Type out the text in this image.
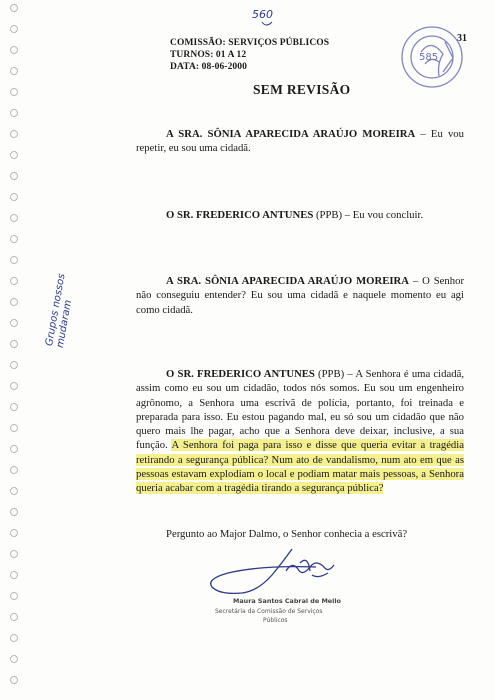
560
COMISSÃO: SERVIÇOS PÚBLICOS
TURNOS: 01 A 12
DATA: 08-06-2000
31
585
SEM REVISÃO
A SRA. SÔNIA APARECIDA ARAÚJO MOREIRA – Eu vou repetir, eu sou uma cidadã.
O SR. FREDERICO ANTUNES (PPB) – Eu vou concluir.
A SRA. SÔNIA APARECIDA ARAÚJO MOREIRA – O Senhor não conseguiu entender? Eu sou uma cidadã e naquele momento eu agi como cidadã.
O SR. FREDERICO ANTUNES (PPB) – A Senhora é uma cidadã, assim como eu sou um cidadão, todos nós somos. Eu sou um engenheiro agrônomo, a Senhora uma escrivã de polícia, portanto, foi treinada e preparada para isso. Eu estou pagando mal, eu só sou um cidadão que não quero mais lhe pagar, acho que a Senhora deve deixar, inclusive, a sua função. A Senhora foi paga para isso e disse que queria evitar a tragédia retirando a segurança pública? Num ato de vandalismo, num ato em que as pessoas estavam explodiam o local e podiam matar mais pessoas, a Senhora queria acabar com a tragédia tirando a segurança pública?
Pergunto ao Major Dalmo, o Senhor conhecia a escrivã?
Grupos nossos mudaram
Maura Santos Cabral de Mello
Secretária da Comissão de Serviços
Públicos
